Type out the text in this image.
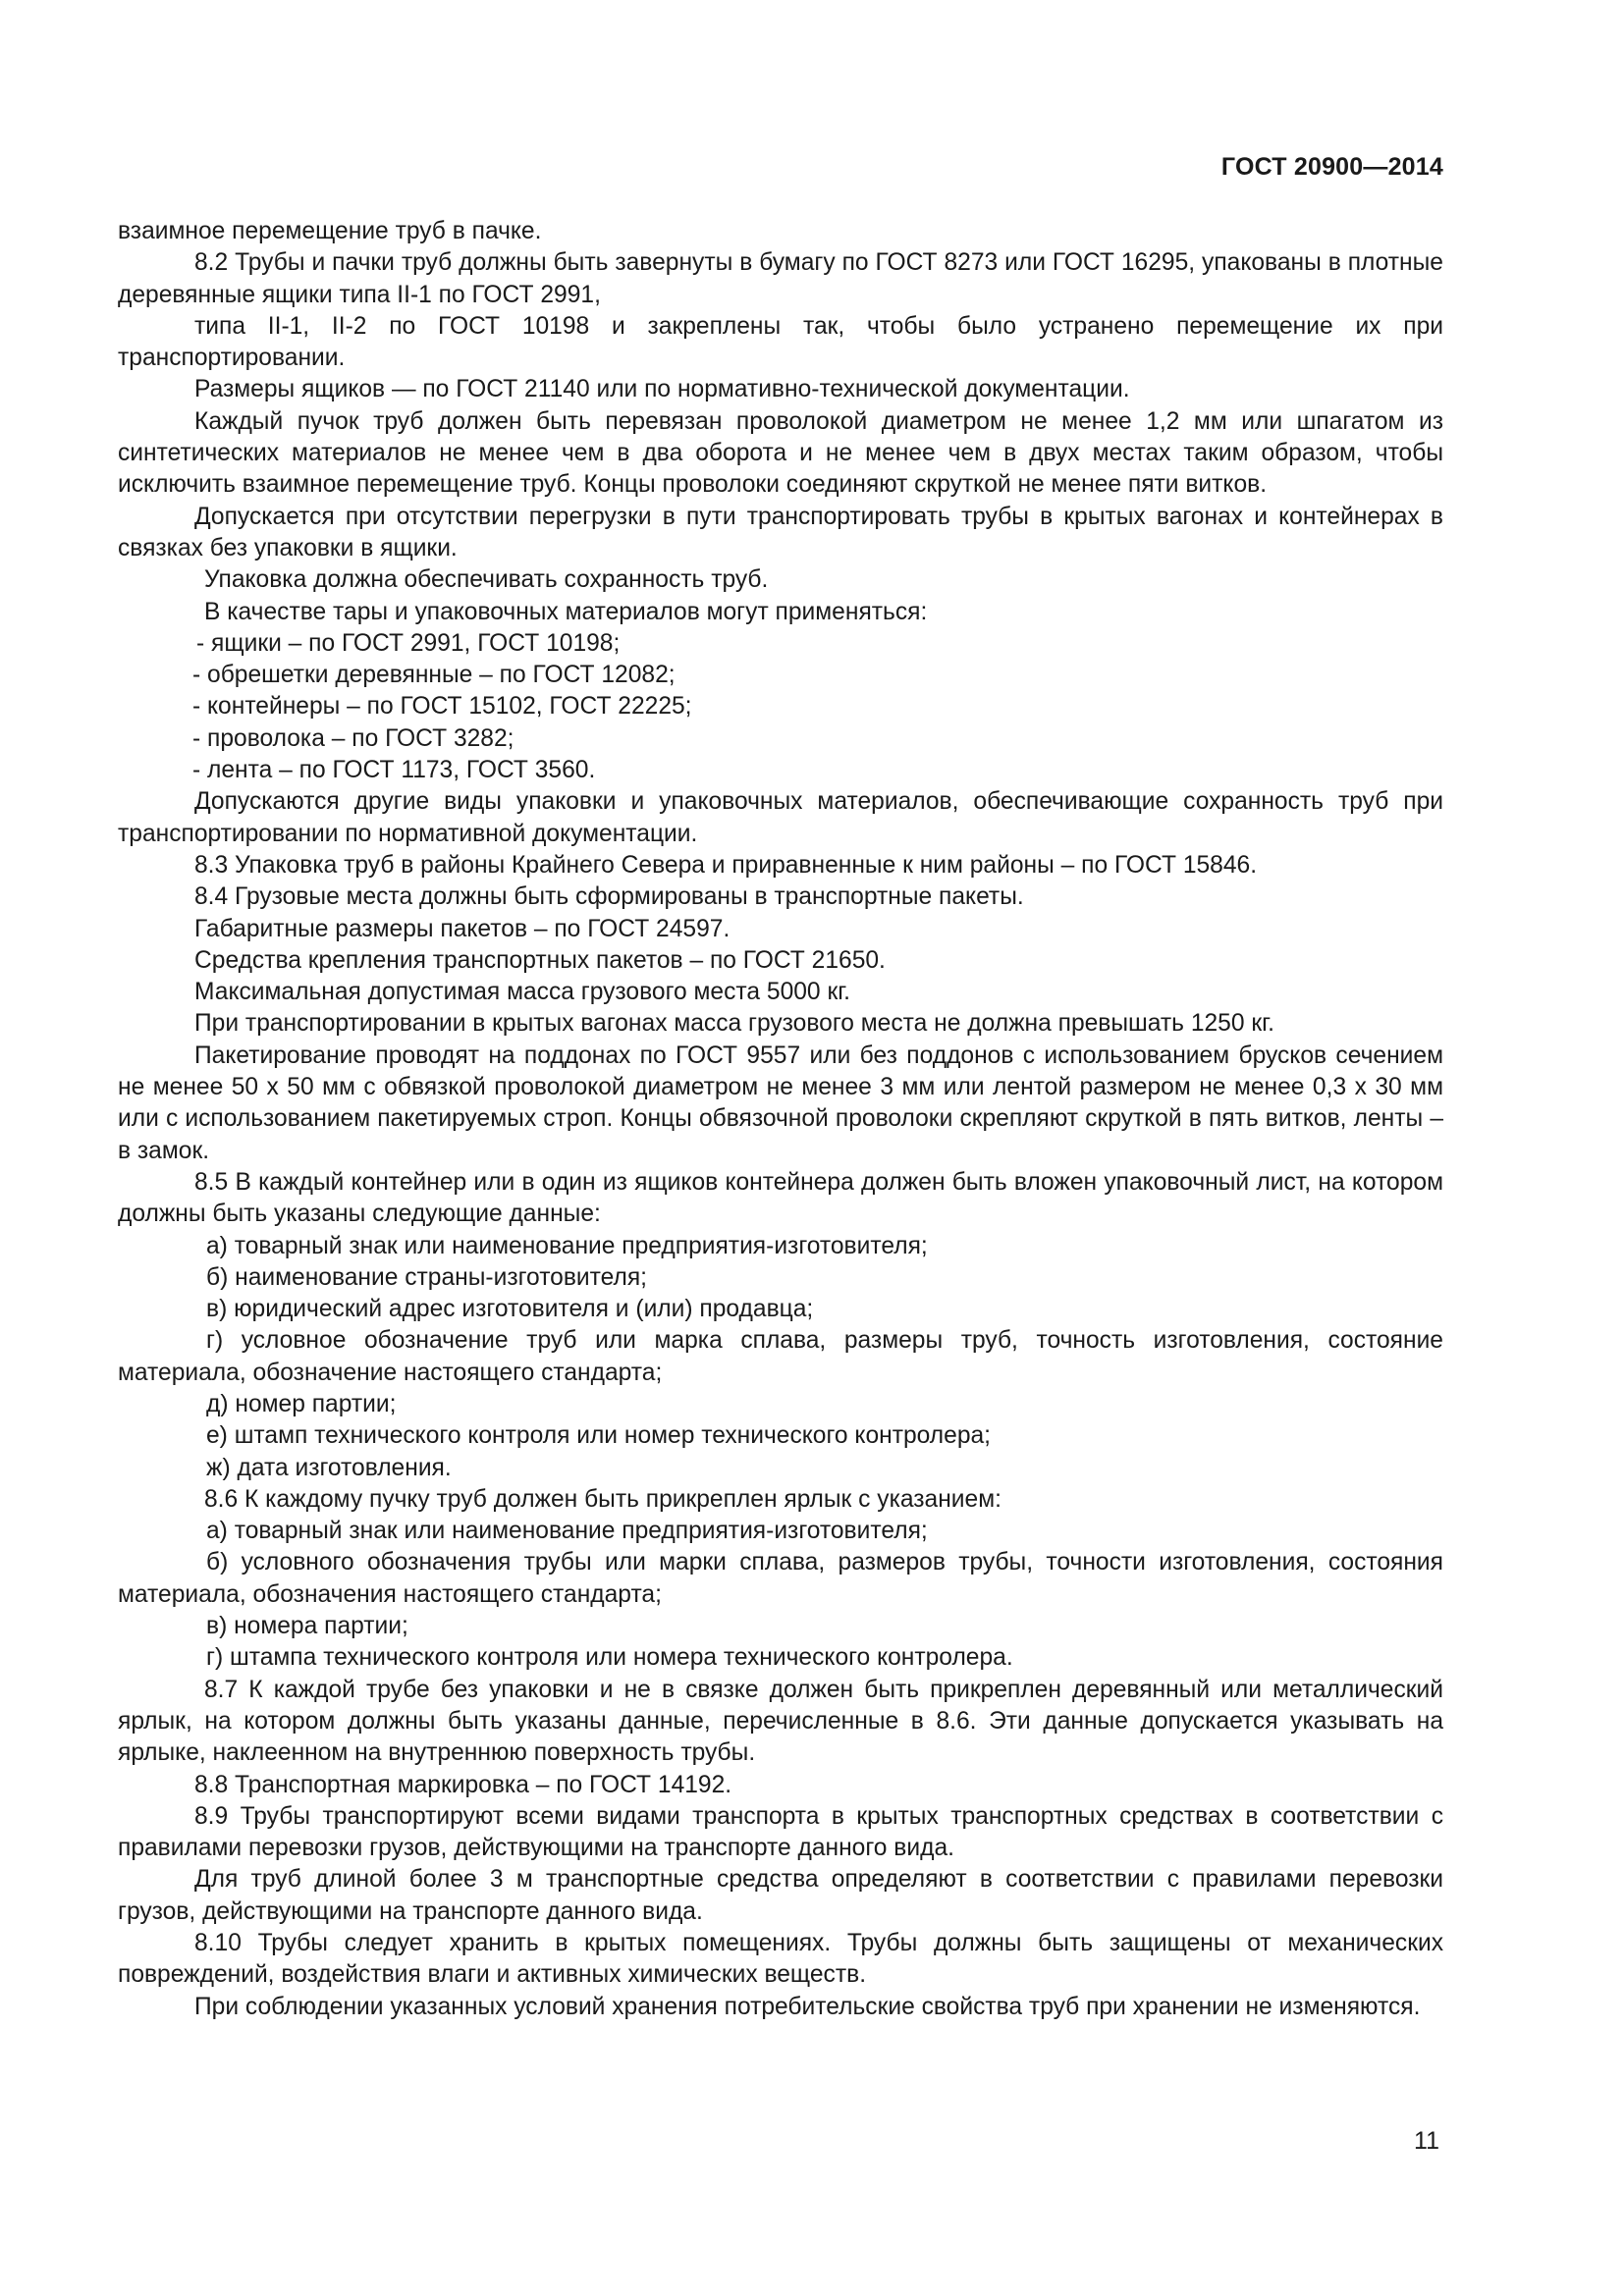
ГОСТ 20900—2014

взаимное перемещение труб в пачке.

8.2 Трубы и пачки труб должны быть завернуты в бумагу по ГОСТ 8273 или ГОСТ 16295, упакованы в плотные деревянные ящики типа II-1 по ГОСТ 2991,

типа II-1, II-2 по ГОСТ 10198 и закреплены так, чтобы было устранено перемещение их при транспортировании.

Размеры ящиков — по ГОСТ 21140 или по нормативно-технической документации.

Каждый пучок труб должен быть перевязан проволокой диаметром не менее 1,2 мм или шпагатом из синтетических материалов не менее чем в два оборота и не менее чем в двух местах таким образом, чтобы исключить взаимное перемещение труб. Концы проволоки соединяют скруткой не менее пяти витков.

Допускается при отсутствии перегрузки в пути транспортировать трубы в крытых вагонах и контейнерах в связках без упаковки в ящики.

Упаковка должна обеспечивать сохранность труб.

В качестве тары и упаковочных материалов могут применяться:

- ящики – по ГОСТ 2991, ГОСТ 10198;

- обрешетки деревянные – по ГОСТ 12082;

- контейнеры – по ГОСТ 15102, ГОСТ 22225;

- проволока – по ГОСТ 3282;

- лента – по ГОСТ 1173, ГОСТ 3560.

Допускаются другие виды упаковки и упаковочных материалов, обеспечивающие сохранность труб при транспортировании по нормативной документации.

8.3 Упаковка труб в районы Крайнего Севера и приравненные к ним районы – по ГОСТ 15846.

8.4 Грузовые места должны быть сформированы в транспортные пакеты.

Габаритные размеры пакетов – по ГОСТ 24597.

Средства крепления транспортных пакетов – по ГОСТ 21650.

Максимальная допустимая масса грузового места 5000 кг.

При транспортировании в крытых вагонах масса грузового места не должна превышать 1250 кг.

Пакетирование проводят на поддонах по ГОСТ 9557 или без поддонов с использованием брусков сечением не менее 50 х 50 мм с обвязкой проволокой диаметром не менее 3 мм или лентой размером не менее 0,3 х 30 мм или с использованием пакетируемых строп. Концы обвязочной проволоки скрепляют скруткой в пять витков, ленты – в замок.

8.5 В каждый контейнер или в один из ящиков контейнера должен быть вложен упаковочный лист, на котором должны быть указаны следующие данные:

а) товарный знак или наименование предприятия-изготовителя;

б) наименование страны-изготовителя;

в) юридический адрес изготовителя и (или) продавца;

г) условное обозначение труб или марка сплава, размеры труб, точность изготовления, состояние материала, обозначение настоящего стандарта;

д) номер партии;

е) штамп технического контроля или номер технического контролера;

ж) дата изготовления.

8.6 К каждому пучку труб должен быть прикреплен ярлык с указанием:

а) товарный знак или наименование предприятия-изготовителя;

б) условного обозначения трубы или марки сплава, размеров трубы, точности изготовления, состояния материала, обозначения настоящего стандарта;

в) номера партии;

г) штампа технического контроля или номера технического контролера.

8.7 К каждой трубе без упаковки и не в связке должен быть прикреплен деревянный или металлический ярлык, на котором должны быть указаны данные, перечисленные в 8.6. Эти данные допускается указывать на ярлыке, наклеенном на внутреннюю поверхность трубы.

8.8 Транспортная маркировка – по ГОСТ 14192.

8.9 Трубы транспортируют всеми видами транспорта в крытых транспортных средствах в соответствии с правилами перевозки грузов, действующими на транспорте данного вида.

Для труб длиной более 3 м транспортные средства определяют в соответствии с правилами перевозки грузов, действующими на транспорте данного вида.

8.10 Трубы следует хранить в крытых помещениях. Трубы должны быть защищены от механических повреждений, воздействия влаги и активных химических веществ.

При соблюдении указанных условий хранения потребительские свойства труб при хранении не изменяются.

11
